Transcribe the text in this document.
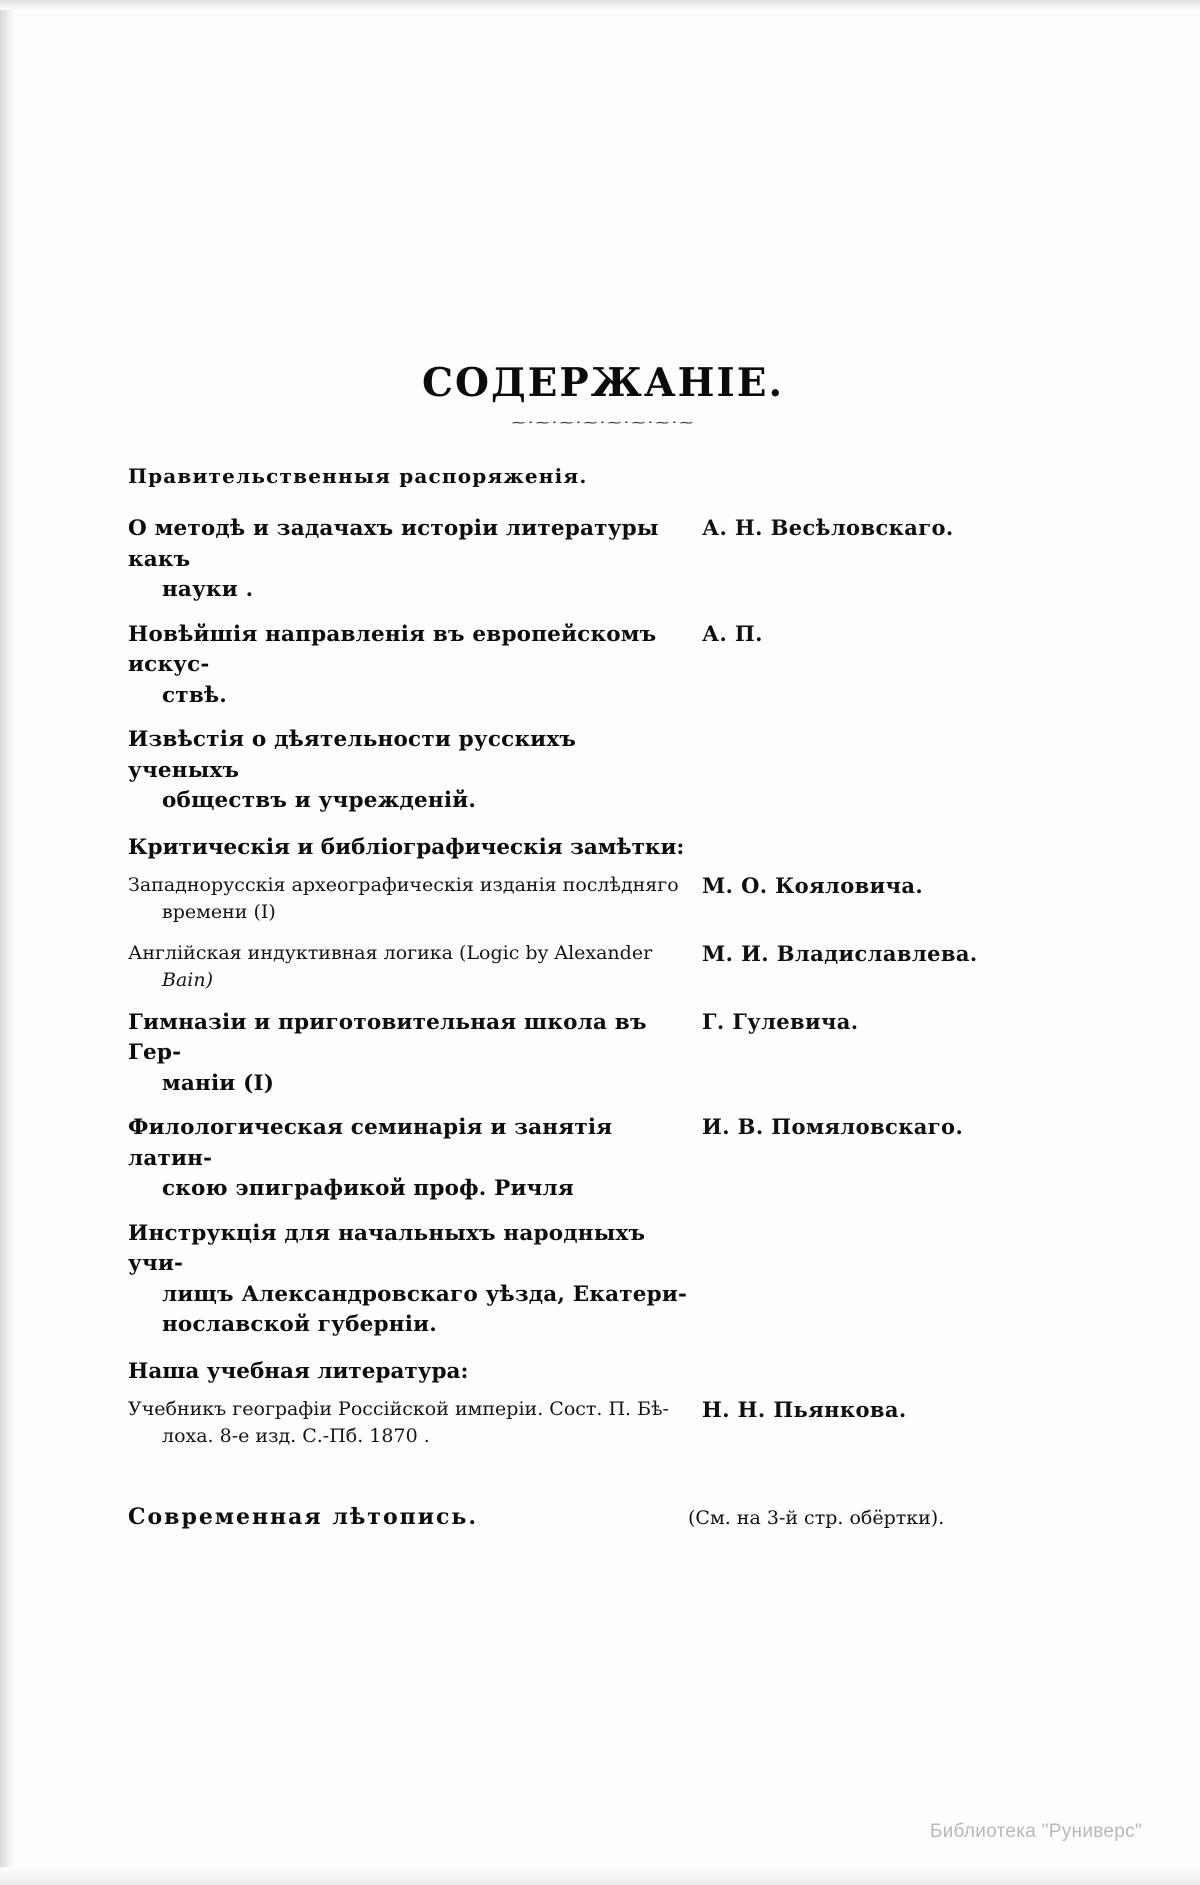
СОДЕРЖАНІЕ.
~·~·~·~·~·~·~·~
Правительственныя распоряженія.
О методѣ и задачахъ исторіи литературы какъ
науки .
А. Н. Весѣловскаго.
Новѣйшія направленія въ европейскомъ искус-
ствѣ.
А. П.
Извѣстія о дѣятельности русскихъ ученыхъ
обществъ и учрежденій.
Критическія и библіографическія замѣтки:
Западнорусскія археографическія изданія послѣдняго
времени (I)
М. О. Кояловича.
Англійская индуктивная логика (Logic by Alexander
Bain)
М. И. Владиславлева.
Гимназіи и приготовительная школа въ Гер-
маніи (I)
Г. Гулевича.
Филологическая семинарія и занятія латин-
скою эпиграфикой проф. Ричля
И. В. Помяловскаго.
Инструкція для начальныхъ народныхъ учи-
лищъ Александровскаго уѣзда, Екатери-
нославской губерніи.
Наша учебная литература:
Учебникъ географіи Россійской имперіи. Сост. П. Бѣ-
лоха. 8-е изд. С.-Пб. 1870 .
Н. Н. Пьянкова.
Современная лѣтопись.	(См. на 3-й стр. обёртки).
Библиотека "Руниверс"
